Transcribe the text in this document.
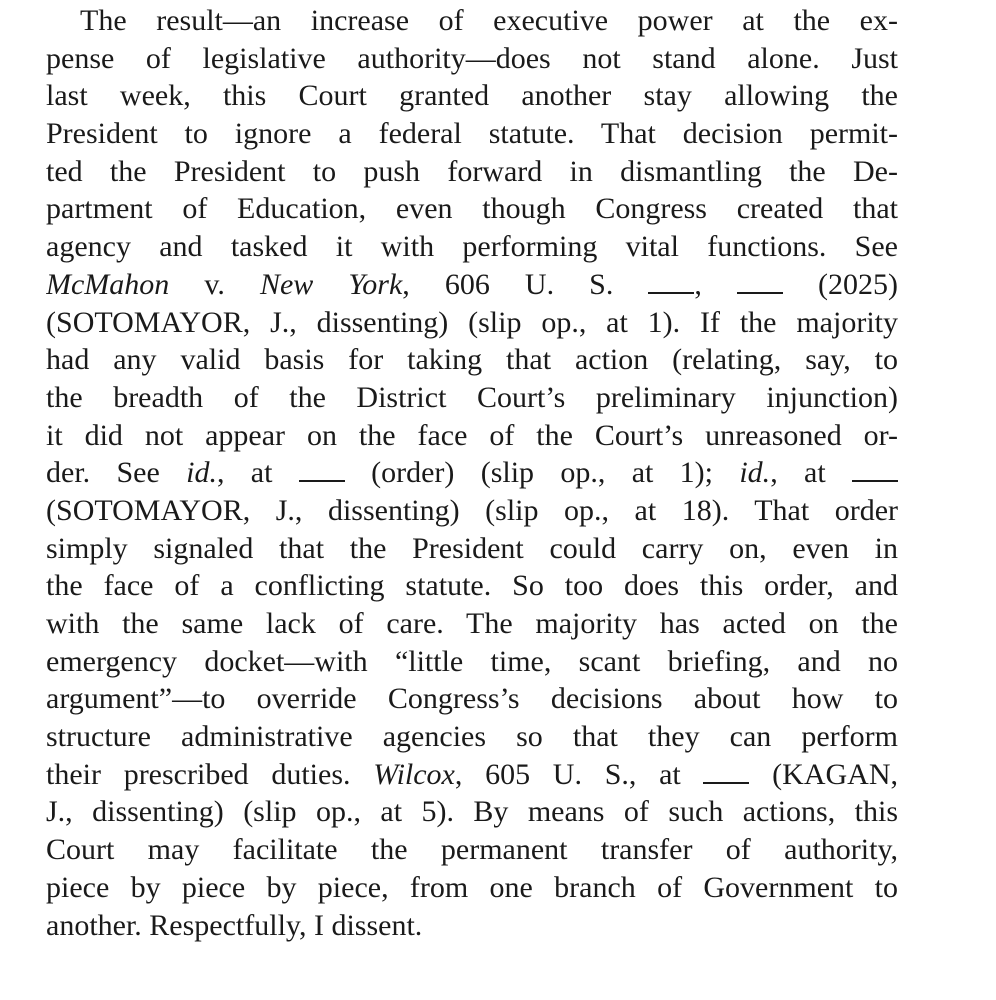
The result—an increase of executive power at the ex-
pense of legislative authority—does not stand alone. Just
last week, this Court granted another stay allowing the
President to ignore a federal statute. That decision permit-
ted the President to push forward in dismantling the De-
partment of Education, even though Congress created that
agency and tasked it with performing vital functions. See
McMahon v. New York, 606 U. S. ,  (2025)
(SOTOMAYOR, J., dissenting) (slip op., at 1). If the majority
had any valid basis for taking that action (relating, say, to
the breadth of the District Court’s preliminary injunction)
it did not appear on the face of the Court’s unreasoned or-
der. See id., at  (order) (slip op., at 1); id., at
(SOTOMAYOR, J., dissenting) (slip op., at 18). That order
simply signaled that the President could carry on, even in
the face of a conflicting statute. So too does this order, and
with the same lack of care. The majority has acted on the
emergency docket—with “little time, scant briefing, and no
argument”—to override Congress’s decisions about how to
structure administrative agencies so that they can perform
their prescribed duties. Wilcox, 605 U. S., at  (KAGAN,
J., dissenting) (slip op., at 5). By means of such actions, this
Court may facilitate the permanent transfer of authority,
piece by piece by piece, from one branch of Government to
another. Respectfully, I dissent.
